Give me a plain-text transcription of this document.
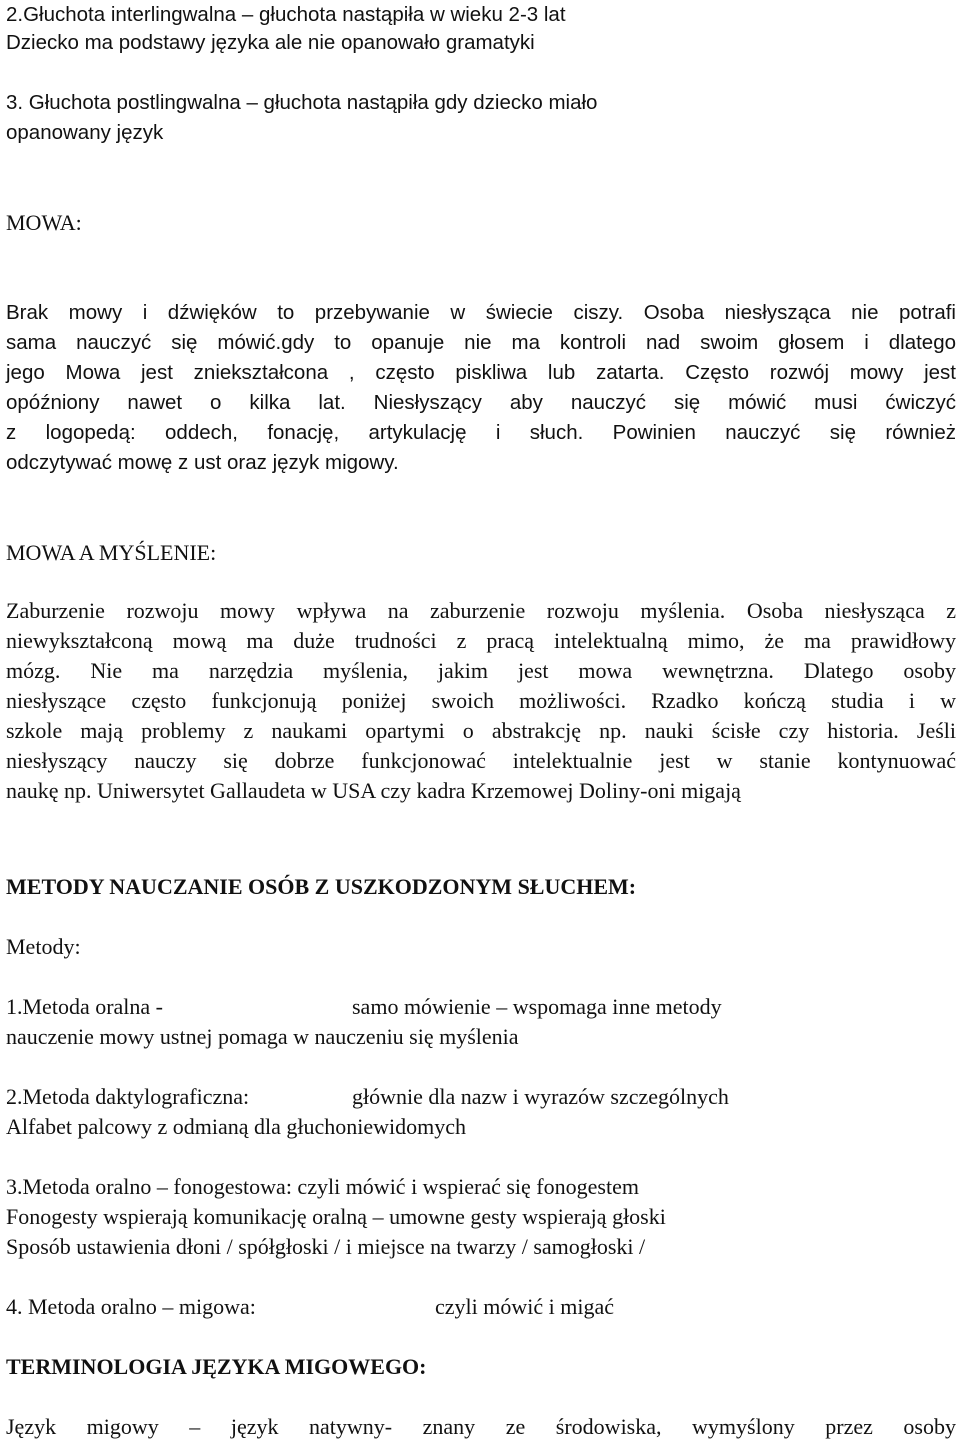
2.Głuchota interlingwalna – głuchota nastąpiła w wieku 2-3 lat
Dziecko ma podstawy języka ale nie opanowało gramatyki
3. Głuchota postlingwalna – głuchota nastąpiła gdy dziecko miało
opanowany język
MOWA:
Brak mowy i dźwięków to przebywanie w świecie ciszy. Osoba niesłysząca nie potrafi
sama nauczyć się mówić.gdy to opanuje nie ma kontroli nad swoim głosem i dlatego
jego Mowa jest zniekształcona , często piskliwa lub zatarta. Często rozwój mowy jest
opóźniony nawet o kilka lat. Niesłyszący aby nauczyć się mówić musi ćwiczyć
z logopedą: oddech, fonację, artykulację i słuch. Powinien nauczyć się również
odczytywać mowę z ust oraz język migowy.
MOWA A MYŚLENIE:
Zaburzenie rozwoju mowy wpływa na zaburzenie rozwoju myślenia. Osoba niesłysząca z
niewykształconą mową ma duże trudności z pracą intelektualną mimo, że ma prawidłowy
mózg. Nie ma narzędzia myślenia, jakim jest mowa wewnętrzna. Dlatego osoby
niesłyszące często funkcjonują poniżej swoich możliwości. Rzadko kończą studia i w
szkole mają problemy z naukami opartymi o abstrakcję np. nauki ścisłe czy historia. Jeśli
niesłyszący nauczy się dobrze funkcjonować intelektualnie jest w stanie kontynuować
naukę np. Uniwersytet Gallaudeta w USA czy kadra Krzemowej Doliny-oni migają
METODY NAUCZANIE OSÓB Z USZKODZONYM SŁUCHEM:
Metody:
1.Metoda oralna -	samo mówienie – wspomaga inne metody
nauczenie mowy ustnej pomaga w nauczeniu się myślenia
2.Metoda daktylograficzna:	głównie dla nazw i wyrazów szczególnych
Alfabet palcowy z odmianą dla głuchoniewidomych
3.Metoda oralno – fonogestowa: czyli mówić i wspierać się fonogestem
Fonogesty wspierają komunikację oralną – umowne gesty wspierają głoski
Sposób ustawienia dłoni / spółgłoski / i miejsce na twarzy / samogłoski /
4. Metoda oralno – migowa:	czyli mówić i migać
TERMINOLOGIA JĘZYKA MIGOWEGO:
Język migowy – język natywny- znany ze środowiska, wymyślony przez osoby
